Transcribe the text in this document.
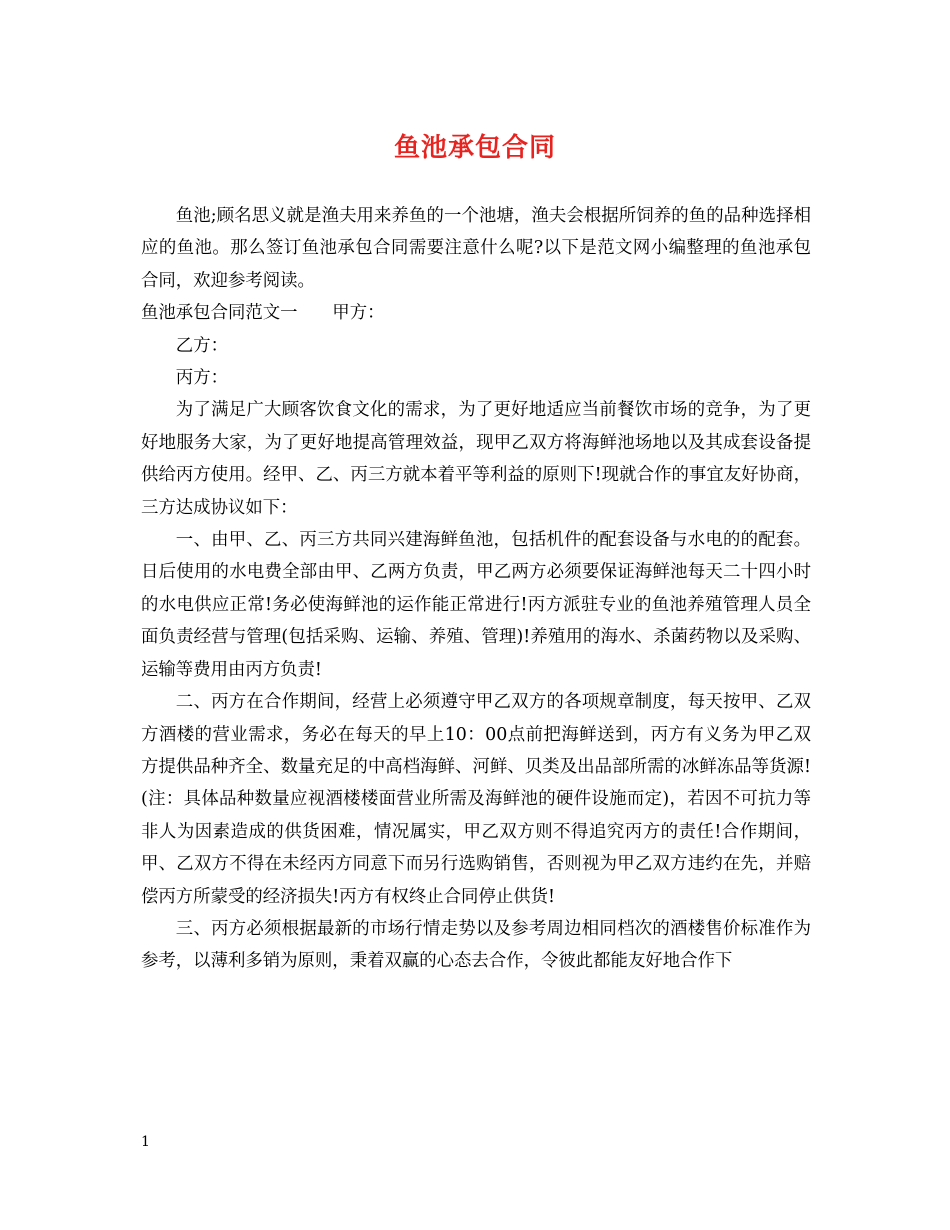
鱼池承包合同

鱼池;顾名思义就是渔夫用来养鱼的一个池塘，渔夫会根据所饲养的鱼的品种选择相应的鱼池。那么签订鱼池承包合同需要注意什么呢?以下是范文网小编整理的鱼池承包合同，欢迎参考阅读。

鱼池承包合同范文一　　甲方：

乙方：

丙方：

为了满足广大顾客饮食文化的需求，为了更好地适应当前餐饮市场的竞争，为了更好地服务大家，为了更好地提高管理效益，现甲乙双方将海鲜池场地以及其成套设备提供给丙方使用。经甲、乙、丙三方就本着平等利益的原则下!现就合作的事宜友好协商，三方达成协议如下：

一、由甲、乙、丙三方共同兴建海鲜鱼池，包括机件的配套设备与水电的的配套。日后使用的水电费全部由甲、乙两方负责，甲乙两方必须要保证海鲜池每天二十四小时的水电供应正常!务必使海鲜池的运作能正常进行!丙方派驻专业的鱼池养殖管理人员全面负责经营与管理(包括采购、运输、养殖、管理)!养殖用的海水、杀菌药物以及采购、运输等费用由丙方负责!

二、丙方在合作期间，经营上必须遵守甲乙双方的各项规章制度，每天按甲、乙双方酒楼的营业需求，务必在每天的早上10：00点前把海鲜送到，丙方有义务为甲乙双方提供品种齐全、数量充足的中高档海鲜、河鲜、贝类及出品部所需的冰鲜冻品等货源!(注：具体品种数量应视酒楼楼面营业所需及海鲜池的硬件设施而定)，若因不可抗力等非人为因素造成的供货困难，情况属实，甲乙双方则不得追究丙方的责任!合作期间，甲、乙双方不得在未经丙方同意下而另行选购销售，否则视为甲乙双方违约在先，并赔偿丙方所蒙受的经济损失!丙方有权终止合同停止供货!

三、丙方必须根据最新的市场行情走势以及参考周边相同档次的酒楼售价标准作为参考，以薄利多销为原则，秉着双赢的心态去合作，令彼此都能友好地合作下

1
